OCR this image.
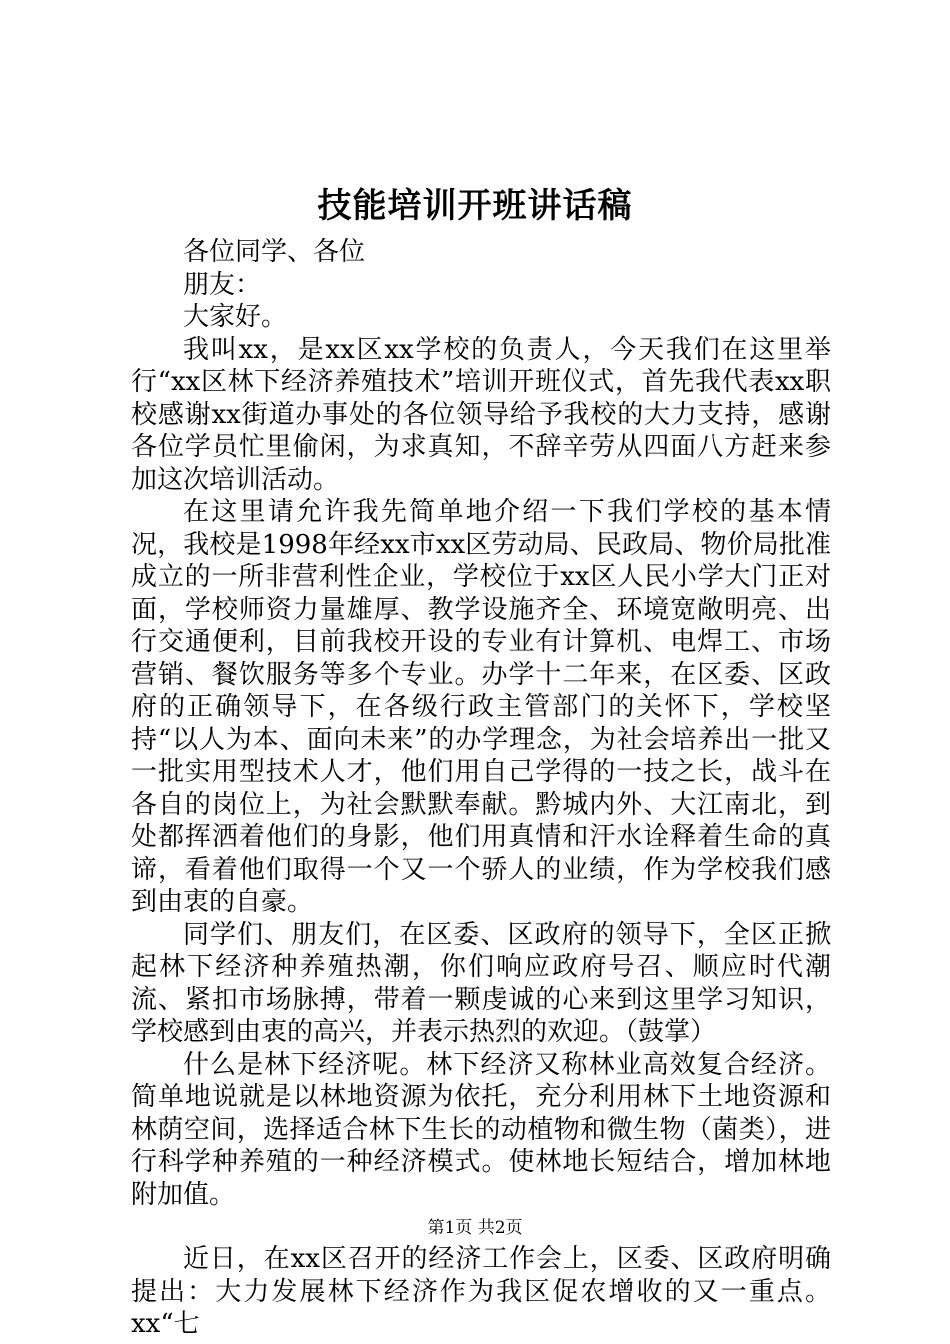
技能培训开班讲话稿

各位同学、各位

朋友：

大家好。

我叫xx，是xx区xx学校的负责人，今天我们在这里举行“xx区林下经济养殖技术”培训开班仪式，首先我代表xx职校感谢xx街道办事处的各位领导给予我校的大力支持，感谢各位学员忙里偷闲，为求真知，不辞辛劳从四面八方赶来参加这次培训活动。

在这里请允许我先简单地介绍一下我们学校的基本情况，我校是1998年经xx市xx区劳动局、民政局、物价局批准成立的一所非营利性企业，学校位于xx区人民小学大门正对面，学校师资力量雄厚、教学设施齐全、环境宽敞明亮、出行交通便利，目前我校开设的专业有计算机、电焊工、市场营销、餐饮服务等多个专业。办学十二年来，在区委、区政府的正确领导下，在各级行政主管部门的关怀下，学校坚持“以人为本、面向未来”的办学理念，为社会培养出一批又一批实用型技术人才，他们用自己学得的一技之长，战斗在各自的岗位上，为社会默默奉献。黔城内外、大江南北，到处都挥洒着他们的身影，他们用真情和汗水诠释着生命的真谛，看着他们取得一个又一个骄人的业绩，作为学校我们感到由衷的自豪。

同学们、朋友们，在区委、区政府的领导下，全区正掀起林下经济种养殖热潮，你们响应政府号召、顺应时代潮流、紧扣市场脉搏，带着一颗虔诚的心来到这里学习知识，学校感到由衷的高兴，并表示热烈的欢迎。（鼓掌）

什么是林下经济呢。林下经济又称林业高效复合经济。简单地说就是以林地资源为依托，充分利用林下土地资源和林荫空间，选择适合林下生长的动植物和微生物（菌类），进行科学种养殖的一种经济模式。使林地长短结合，增加林地附加值。

近日，在xx区召开的经济工作会上，区委、区政府明确提出：大力发展林下经济作为我区促农增收的又一重点。xx“七

第1页 共2页
